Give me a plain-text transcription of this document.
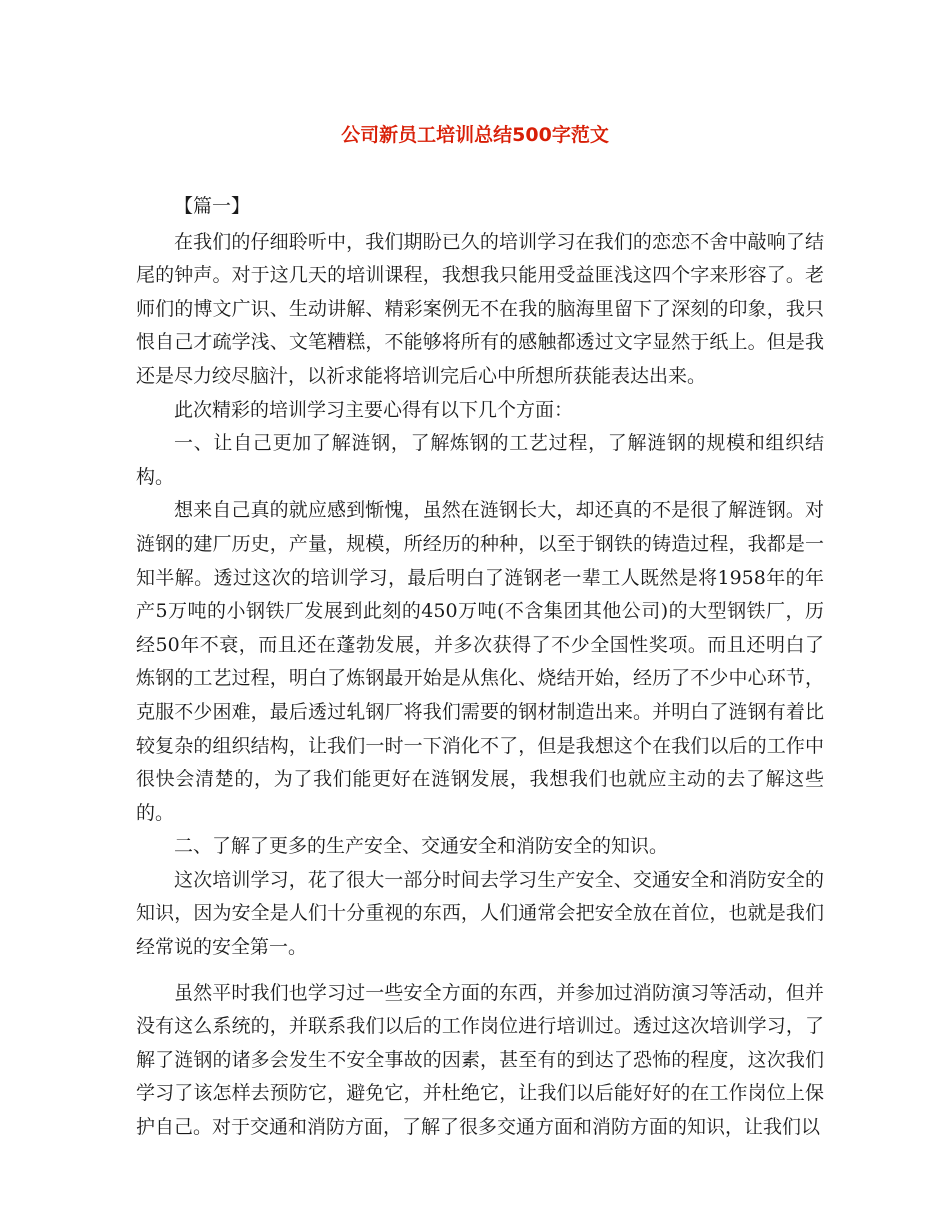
公司新员工培训总结500字范文

【篇一】

在我们的仔细聆听中，我们期盼已久的培训学习在我们的恋恋不舍中敲响了结尾的钟声。对于这几天的培训课程，我想我只能用受益匪浅这四个字来形容了。老师们的博文广识、生动讲解、精彩案例无不在我的脑海里留下了深刻的印象，我只恨自己才疏学浅、文笔糟糕，不能够将所有的感触都透过文字显然于纸上。但是我还是尽力绞尽脑汁，以祈求能将培训完后心中所想所获能表达出来。

此次精彩的培训学习主要心得有以下几个方面：

一、让自己更加了解涟钢，了解炼钢的工艺过程，了解涟钢的规模和组织结构。

想来自己真的就应感到惭愧，虽然在涟钢长大，却还真的不是很了解涟钢。对涟钢的建厂历史，产量，规模，所经历的种种，以至于钢铁的铸造过程，我都是一知半解。透过这次的培训学习，最后明白了涟钢老一辈工人既然是将1958年的年产5万吨的小钢铁厂发展到此刻的450万吨(不含集团其他公司)的大型钢铁厂，历经50年不衰，而且还在蓬勃发展，并多次获得了不少全国性奖项。而且还明白了炼钢的工艺过程，明白了炼钢最开始是从焦化、烧结开始，经历了不少中心环节，克服不少困难，最后透过轧钢厂将我们需要的钢材制造出来。并明白了涟钢有着比较复杂的组织结构，让我们一时一下消化不了，但是我想这个在我们以后的工作中很快会清楚的，为了我们能更好在涟钢发展，我想我们也就应主动的去了解这些的。

二、了解了更多的生产安全、交通安全和消防安全的知识。

这次培训学习，花了很大一部分时间去学习生产安全、交通安全和消防安全的知识，因为安全是人们十分重视的东西，人们通常会把安全放在首位，也就是我们经常说的安全第一。

虽然平时我们也学习过一些安全方面的东西，并参加过消防演习等活动，但并没有这么系统的，并联系我们以后的工作岗位进行培训过。透过这次培训学习，了解了涟钢的诸多会发生不安全事故的因素，甚至有的到达了恐怖的程度，这次我们学习了该怎样去预防它，避免它，并杜绝它，让我们以后能好好的在工作岗位上保护自己。对于交通和消防方面，了解了很多交通方面和消防方面的知识，让我们以
